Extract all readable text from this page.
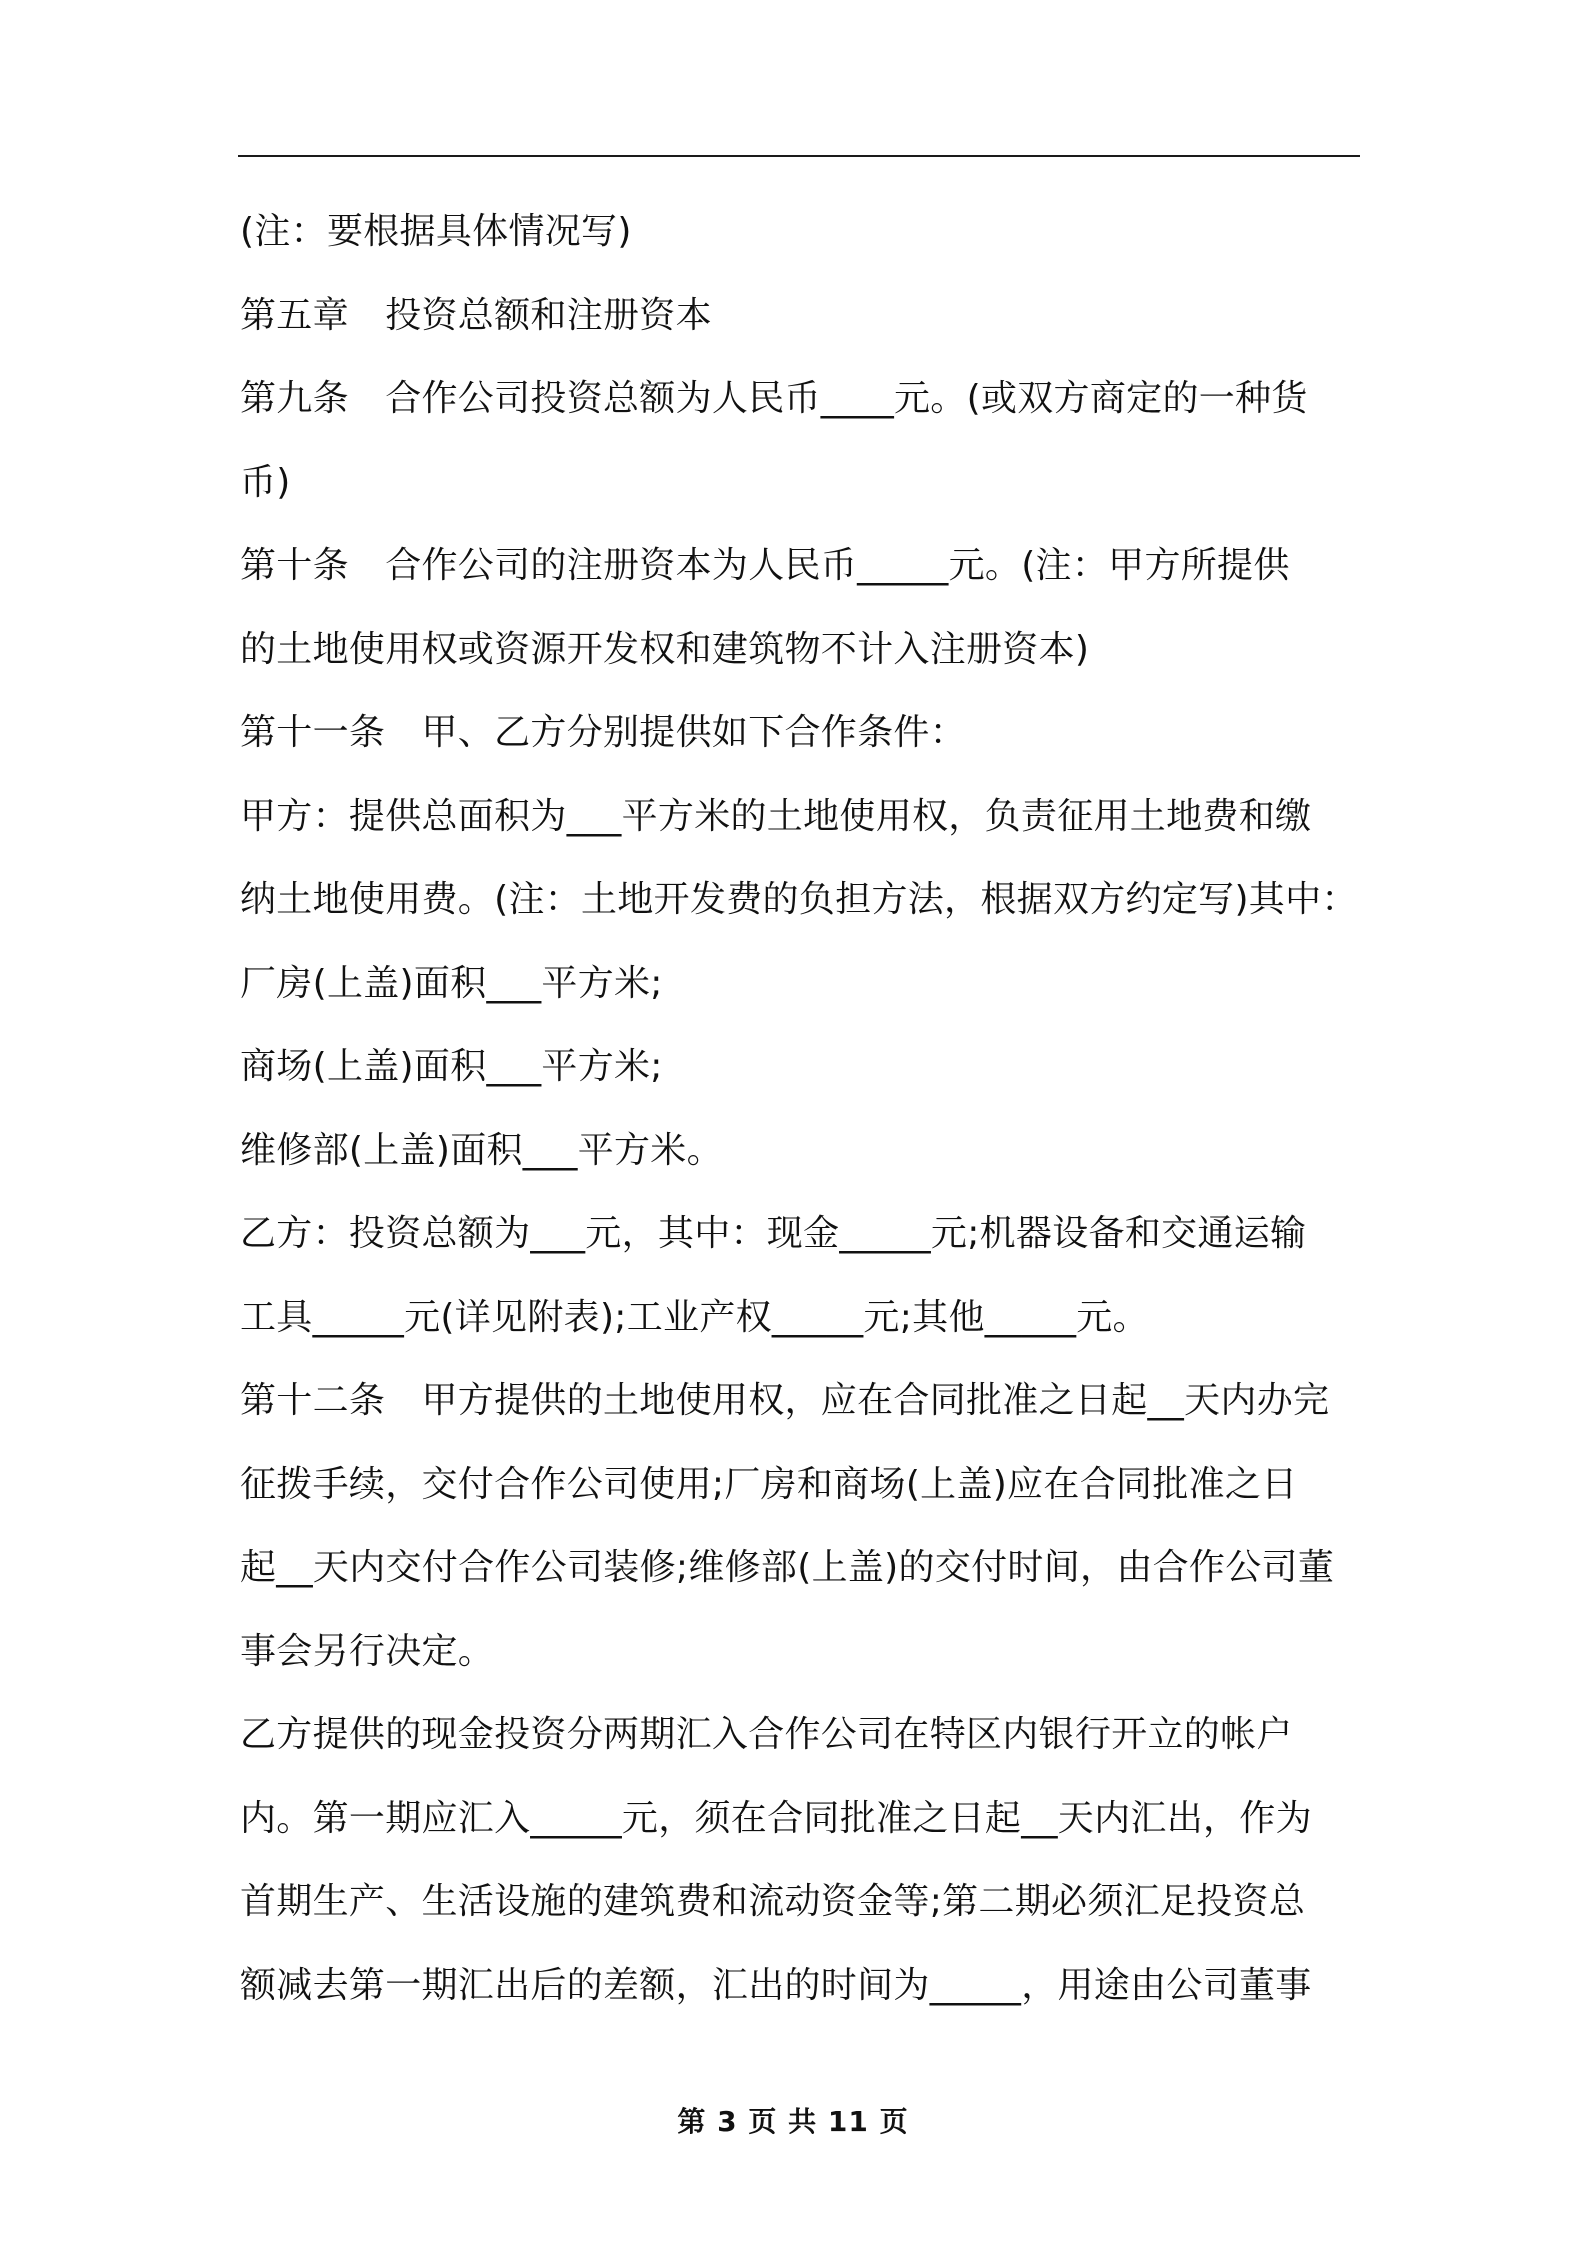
(注：要根据具体情况写)

第五章　投资总额和注册资本

第九条　合作公司投资总额为人民币____元。(或双方商定的一种货

币)

第十条　合作公司的注册资本为人民币_____元。(注：甲方所提供

的土地使用权或资源开发权和建筑物不计入注册资本)

第十一条　甲、乙方分别提供如下合作条件：

甲方：提供总面积为___平方米的土地使用权，负责征用土地费和缴

纳土地使用费。(注：土地开发费的负担方法，根据双方约定写)其中：

厂房(上盖)面积___平方米;

商场(上盖)面积___平方米;

维修部(上盖)面积___平方米。

乙方：投资总额为___元，其中：现金_____元;机器设备和交通运输

工具_____元(详见附表);工业产权_____元;其他_____元。

第十二条　甲方提供的土地使用权，应在合同批准之日起__天内办完

征拨手续，交付合作公司使用;厂房和商场(上盖)应在合同批准之日

起__天内交付合作公司装修;维修部(上盖)的交付时间，由合作公司董

事会另行决定。

乙方提供的现金投资分两期汇入合作公司在特区内银行开立的帐户

内。第一期应汇入_____元，须在合同批准之日起__天内汇出，作为

首期生产、生活设施的建筑费和流动资金等;第二期必须汇足投资总

额减去第一期汇出后的差额，汇出的时间为_____，用途由公司董事

第 3 页 共 11 页
